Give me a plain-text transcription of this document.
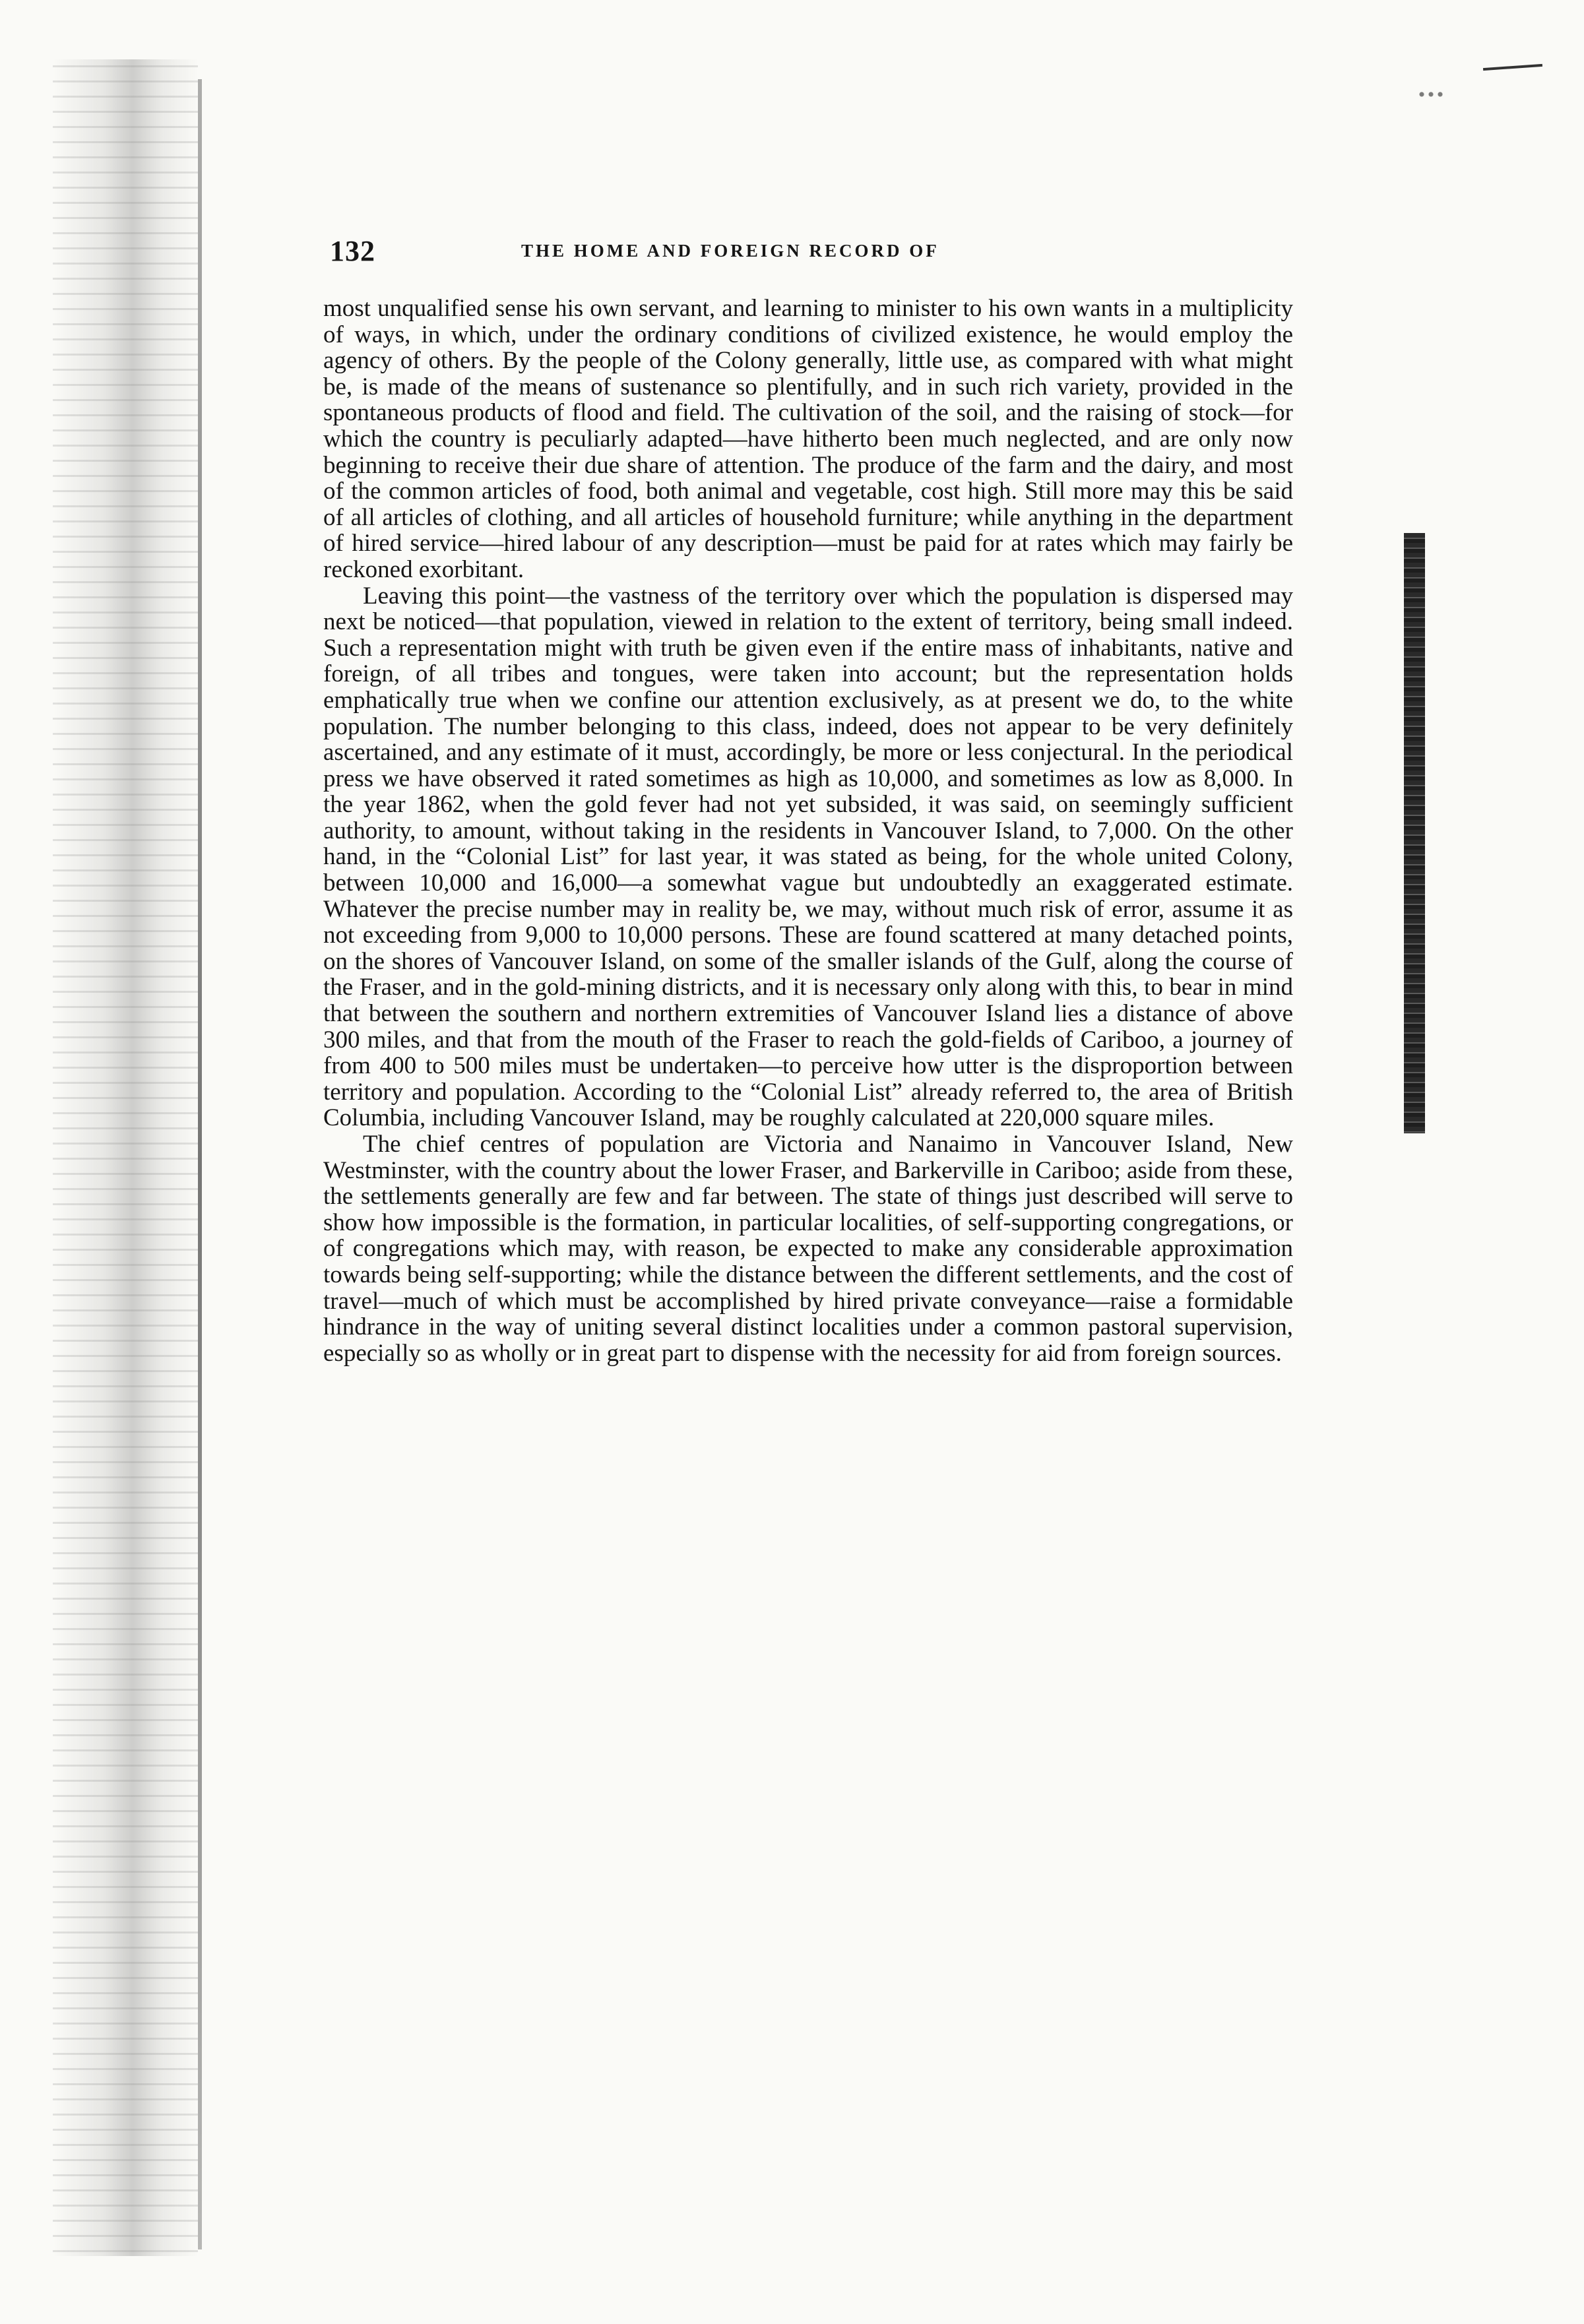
132	THE HOME AND FOREIGN RECORD OF

most unqualified sense his own servant, and learning to minister to his own wants in a multiplicity of ways, in which, under the ordinary conditions of civilized existence, he would employ the agency of others. By the people of the Colony generally, little use, as compared with what might be, is made of the means of sustenance so plentifully, and in such rich variety, provided in the spontaneous products of flood and field. The cultivation of the soil, and the raising of stock—for which the country is peculiarly adapted—have hitherto been much neglected, and are only now beginning to receive their due share of attention. The produce of the farm and the dairy, and most of the common articles of food, both animal and vegetable, cost high. Still more may this be said of all articles of clothing, and all articles of household furniture; while anything in the department of hired service—hired labour of any description—must be paid for at rates which may fairly be reckoned exorbitant.

Leaving this point—the vastness of the territory over which the population is dispersed may next be noticed—that population, viewed in relation to the extent of territory, being small indeed. Such a representation might with truth be given even if the entire mass of inhabitants, native and foreign, of all tribes and tongues, were taken into account; but the representation holds emphatically true when we confine our attention exclusively, as at present we do, to the white population. The number belonging to this class, indeed, does not appear to be very definitely ascertained, and any estimate of it must, accordingly, be more or less conjectural. In the periodical press we have observed it rated sometimes as high as 10,000, and sometimes as low as 8,000. In the year 1862, when the gold fever had not yet subsided, it was said, on seemingly sufficient authority, to amount, without taking in the residents in Vancouver Island, to 7,000. On the other hand, in the “Colonial List” for last year, it was stated as being, for the whole united Colony, between 10,000 and 16,000—a somewhat vague but undoubtedly an exaggerated estimate. Whatever the precise number may in reality be, we may, without much risk of error, assume it as not exceeding from 9,000 to 10,000 persons. These are found scattered at many detached points, on the shores of Vancouver Island, on some of the smaller islands of the Gulf, along the course of the Fraser, and in the gold-mining districts, and it is necessary only along with this, to bear in mind that between the southern and northern extremities of Vancouver Island lies a distance of above 300 miles, and that from the mouth of the Fraser to reach the gold-fields of Cariboo, a journey of from 400 to 500 miles must be undertaken—to perceive how utter is the disproportion between territory and population. According to the “Colonial List” already referred to, the area of British Columbia, including Vancouver Island, may be roughly calculated at 220,000 square miles.

The chief centres of population are Victoria and Nanaimo in Vancouver Island, New Westminster, with the country about the lower Fraser, and Barkerville in Cariboo; aside from these, the settlements generally are few and far between. The state of things just described will serve to show how impossible is the formation, in particular localities, of self-supporting congregations, or of congregations which may, with reason, be expected to make any considerable approximation towards being self-supporting; while the distance between the different settlements, and the cost of travel—much of which must be accomplished by hired private conveyance—raise a formidable hindrance in the way of uniting several distinct localities under a common pastoral supervision, especially so as wholly or in great part to dispense with the necessity for aid from foreign sources.
